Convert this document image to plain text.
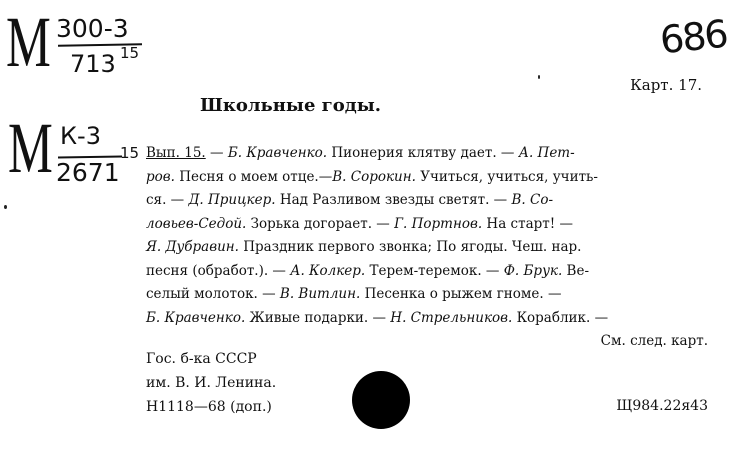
М 300-3
713 15
М К-3
2671
15
686
Карт. 17.
Школьные годы.
Вып. 15. — Б. Кравченко. Пионерия клятву дает. — А. Пет-
ров. Песня о моем отце.—В. Сорокин. Учиться, учиться, учить-
ся. — Д. Прицкер. Над Разливом звезды светят. — В. Со-
ловьев-Седой. Зорька догорает. — Г. Портнов. На старт! —
Я. Дубравин. Праздник первого звонка; По ягоды. Чеш. нар.
песня (обработ.). — А. Колкер. Терем-теремок. — Ф. Брук. Ве-
селый молоток. — В. Витлин. Песенка о рыжем гноме. —
Б. Кравченко. Живые подарки. — Н. Стрельников. Кораблик. —
См. след. карт.
Гос. б-ка СССР
им. В. И. Ленина.
Н1118—68 (доп.)	Щ984.22я43
